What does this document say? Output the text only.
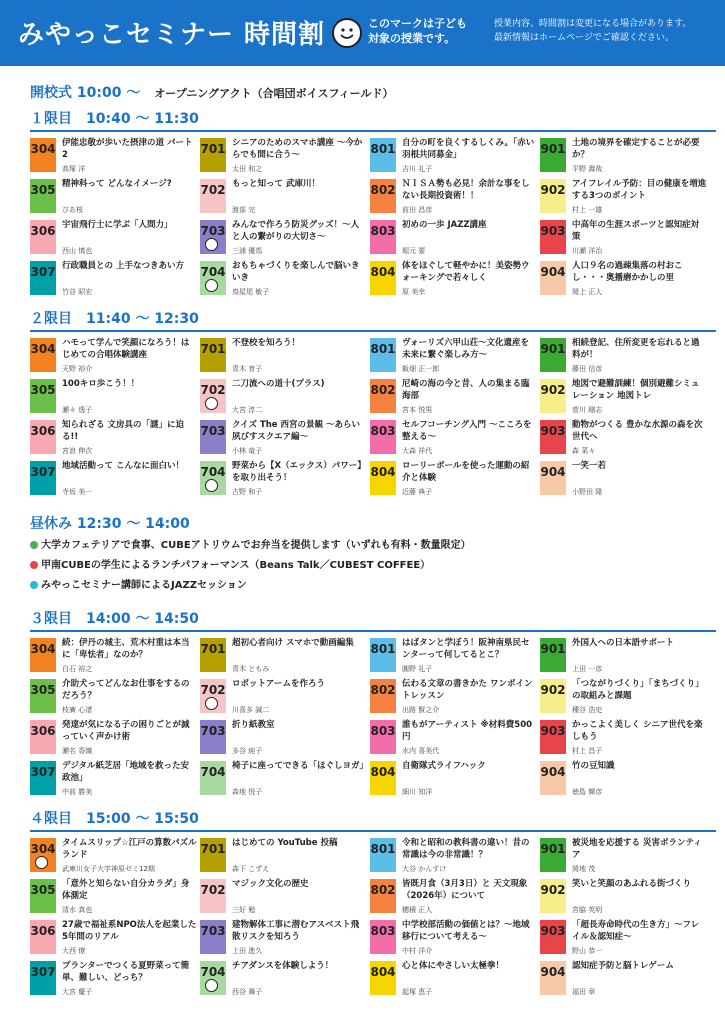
みやっこセミナー 時間割	このマークは子ども
対象の授業です。
授業内容、時間割は変更になる場合があります。
最新情報はホームページでご確認ください。
開校式 10:00 〜 オープニングアクト（合唱団ボイスフィールド）
１限目 10:40 〜 11:30
304 伊能忠敬が歩いた摂津の道 パート2
高塚 洋
701 シニアのためのスマホ講座 〜今からでも間に合う〜
太田 和之
801 自分の町を良くするしくみ。「赤い羽根共同募金」
吉川 礼子
901 土地の境界を確定することが必要か？
平野 壽哉
305 精神科って どんなイメージ?
ぴあ桜
702 もっと知って 武庫川！
渡部 完
802 ＮＩＳＡ勢も必見！余計な事をしない長期投資術！！
前田 昌彦
902 アイフレイル予防：目の健康を増進する3つのポイント
村上 一雄
306 宇宙飛行士に学ぶ「人間力」
西山 慎也
703 みんなで作ろう防災グッズ！〜人と人の繋がりの大切さ〜
三浦 優馬
803 初めの一歩 JAZZ講座
堀元 要
903 中高年の生涯スポーツと認知症対策
川瀬 洋治
307 行政職員との 上手なつきあい方
竹谷 昭宏
704 おもちゃづくりを楽しんで脳いきいき
鳥屋尾 敏子
804 体をほぐして軽やかに！美姿勢ウォーキングで若々しく
原 美幸
904 人口９名の過疎集落の村おこし・・・奥播磨かかしの里
岡上 正人
２限目 11:40 〜 12:30
304 ハモって学んで笑顔になろう！はじめての合唱体験講座
天野 裕介
701 不登校を知ろう！
青木 育子
801 ヴォーリズ六甲山荘〜文化遺産を未来に繋ぐ楽しみ方〜
飯畑 正一郎
901 相続登記、住所変更を忘れると過料が！
藤田 信彦
305 100キロ歩こう！！
瀬々 逸子
702 二刀流への道十(プラス)
大宮 淳二
802 尼崎の海の今と昔、人の集まる臨海部
宮本 悦男
902 地図で避難訓練！個別避難シミュレーション 地図トレ
菅川 剛志
306 知られざる 文房具の「謎」に迫る!!
宮浪 伸次
703 クイズ The 西宮の景観 〜あらい夙びすスクエア編〜
小林 竜子
803 セルフコーチング入門 〜こころを整える〜
大森 祥代
903 動物がつくる 豊かな水源の森を次世代へ
森 菜々
307 地域活動って こんなに面白い！
寺坂 美一
704 野菜から【X（エックス）パワー】を取り出そう！
古野 和子
804 ローリーボールを使った運動の紹介と体験
近藤 典子
904 一笑一若
小野田 隆
３限目 14:00 〜 14:50
304 続：伊丹の城主、荒木村重は本当に「卑怯者」なのか？
白石 裕之
701 超初心者向け スマホで動画編集
青木 ともみ
801 はばタンと学ぼう！阪神南県民センターって何してるとこ？
圓野 礼子
901 外国人への日本語サポート
上田 一彦
305 介助犬ってどんなお仕事をするのだろう？
枝廣 心渚
702 ロボットアームを作ろう
川喜多 誠二
802 伝わる文章の書きかた ワンポイントレッスン
出路 賢之介
902 「つながりづくり」「まちづくり」の取組みと課題
種谷 浩史
306 発達が気になる子の困りごとが減っていく声かけ術
瀬名 香織
703 折り紙教室
多谷 純子
803 誰もがアーティスト ※材料費500円
水内 喜美代
903 かっこよく美しく シニア世代を楽しもう
村上 昌子
307 デジタル紙芝居「地域を救った安政池」
中前 勝美
704 椅子に座ってできる「ほぐしヨガ」
森地 悦子
804 自衛隊式ライフハック
細川 知洋
904 竹の豆知識
徳島 輝彦
４限目 15:00 〜 15:50
304 タイムスリップ☆江戸の算数パズルランド
武庫川女子大学神原ゼミ12期
701 はじめての YouTube 投稿
森下 こずえ
801 令和と昭和の教科書の違い！昔の常識は今の非常識！？
大谷 かんすけ
901 被災地を応援する 災害ボランティア
岡地 茂
305 「意外と知らない自分カラダ」身体測定
清水 真也
702 マジック文化の歴史
三好 勉
802 皆既月食（3月3日）と 天文現象（2026年）について
穂積 正人
902 笑いと笑顔のあふれる街づくり
宮脇 英明
306 27歳で福祉系NPO法人を起業した5年間のリアル
大西 僚
703 建物解体工事に潜むアスベスト飛散リスクを知ろう
上田 進久
803 中学校部活動の価値とは？〜地域移行について考える〜
中村 洋介
903 「超長寿命時代の生き方」〜フレイル＆認知症〜
野山 恭一
307 プランターでつくる夏野菜って簡単、難しい、どっち？
大宮 慶子
704 チアダンスを体験しよう！
西谷 舞子
804 心と体にやさしい太極拳！
起塚 恵子
904 認知症予防と脳トレゲーム
福田 章
昼休み 12:30 〜 14:00
大学カフェテリアで食事、CUBEアトリウムでお弁当を提供します（いずれも有料・数量限定）
甲南CUBEの学生によるランチパフォーマンス（Beans Talk／CUBEST COFFEE）
みやっこセミナー講師によるJAZZセッション
